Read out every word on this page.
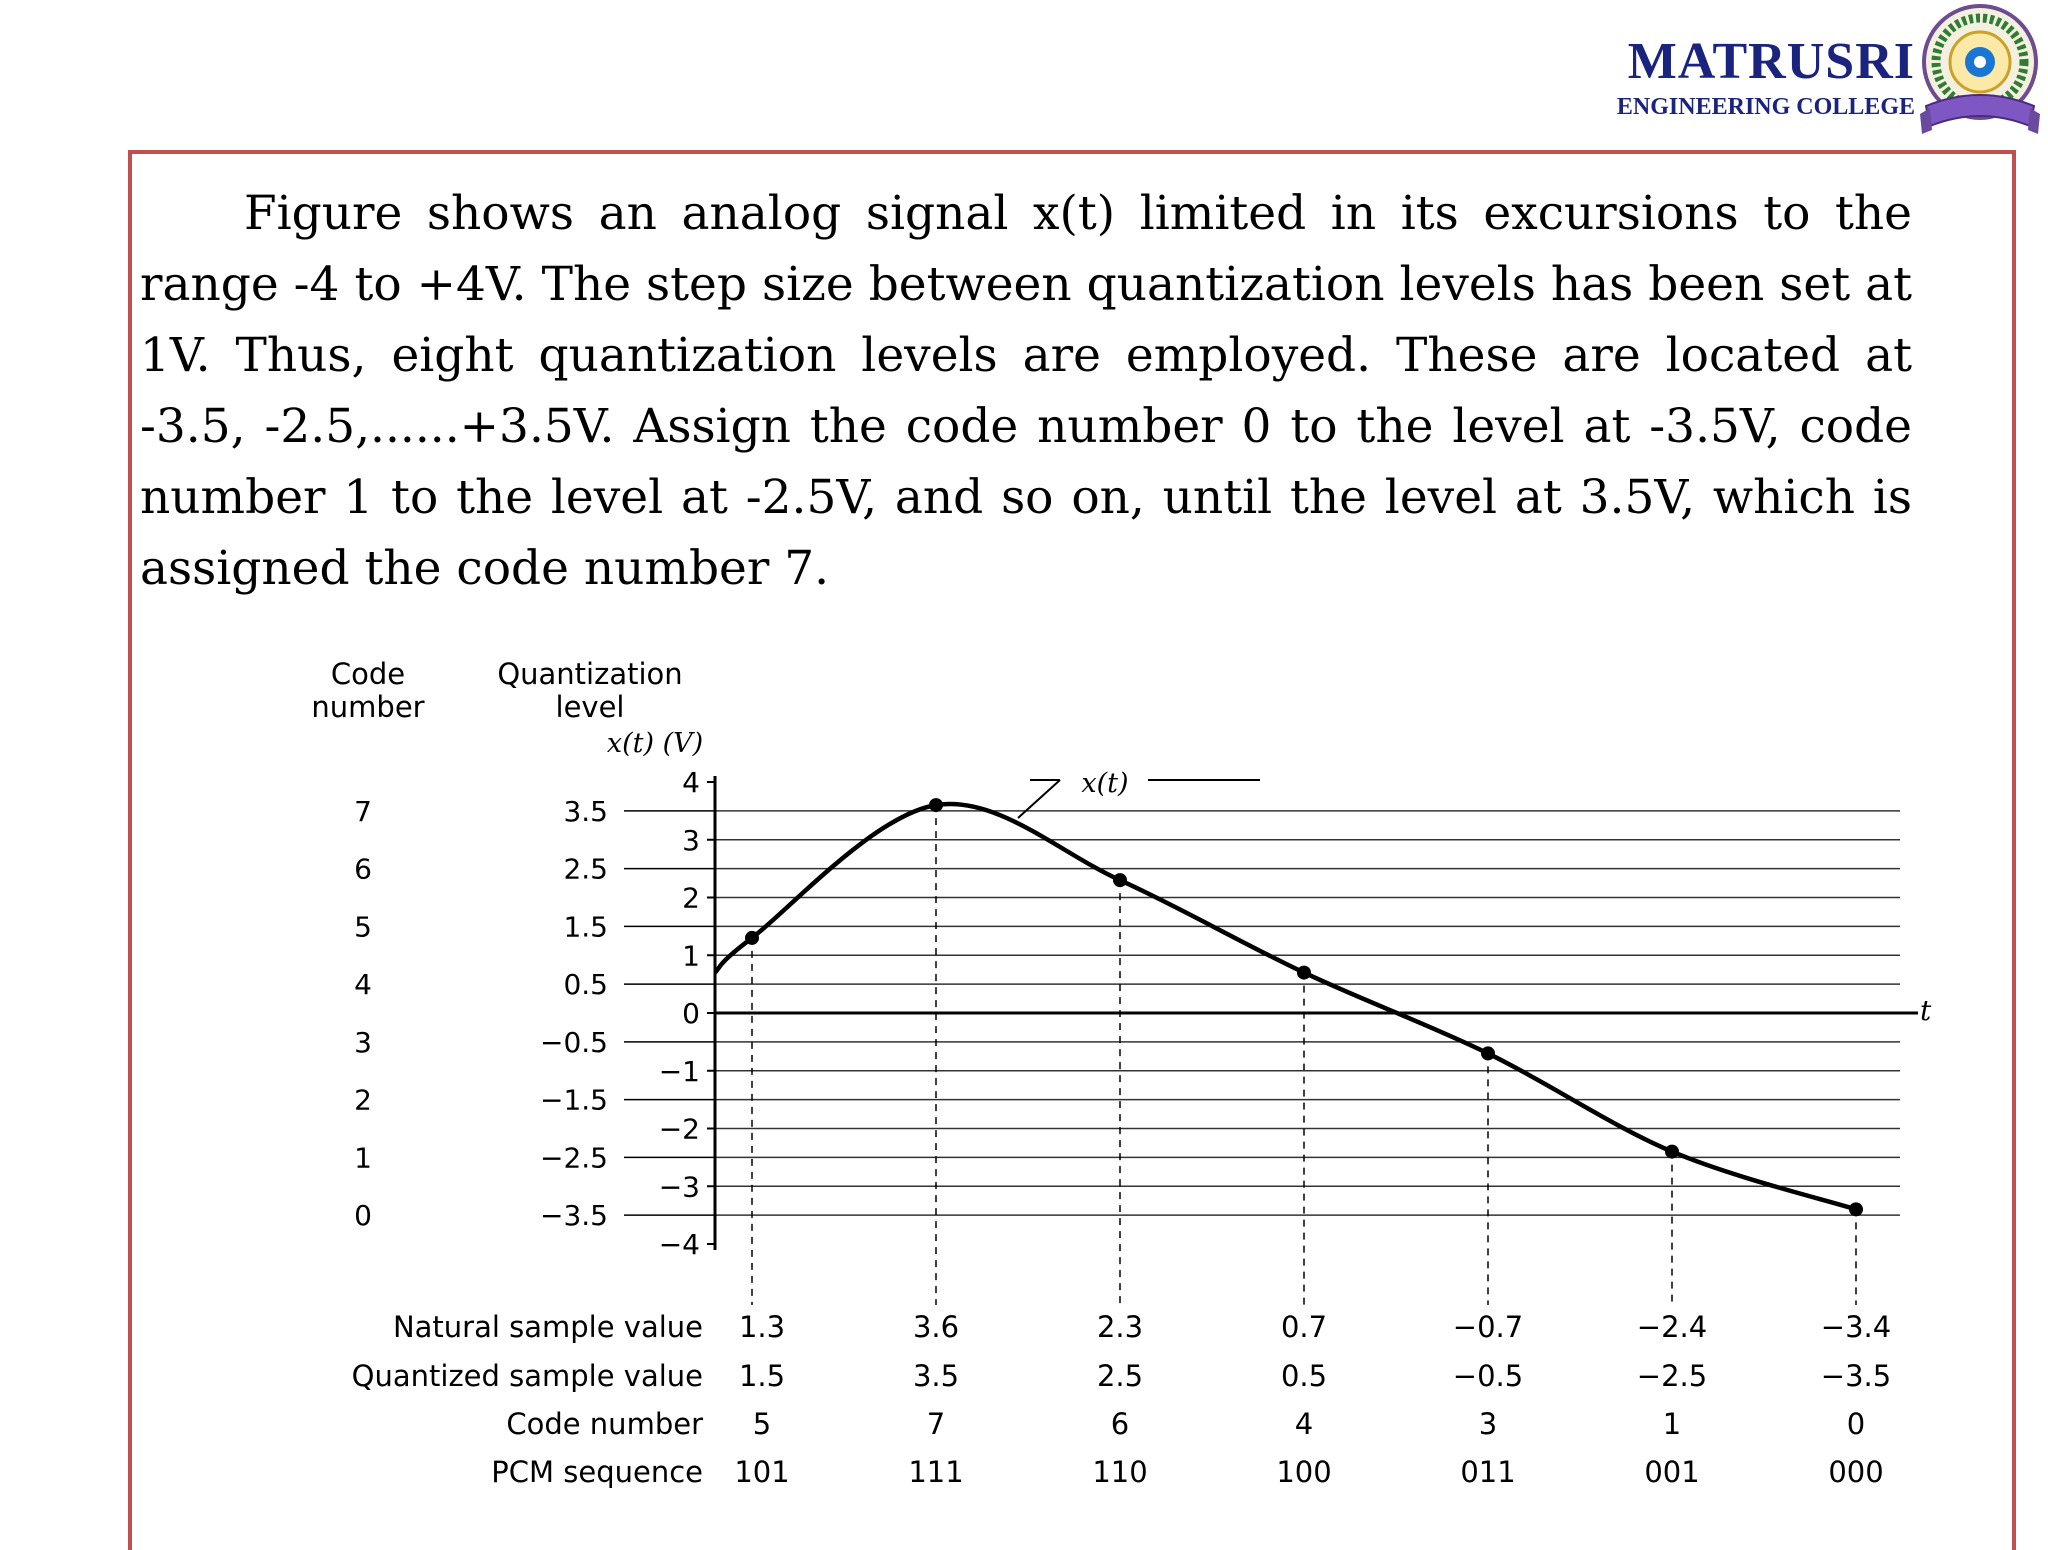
MATRUSRI
ENGINEERING COLLEGE

Figure shows an analog signal x(t) limited in its excursions to the range -4 to +4V. The step size between quantization levels has been set at 1V. Thus, eight quantization levels are employed. These are located at -3.5, -2.5,......+3.5V. Assign the code number 0 to the level at -3.5V, code number 1 to the level at -2.5V, and so on, until the level at 3.5V, which is assigned the code number 7.

Code
number
Quantization
level
x(t) (V)
t
x(t)
4
3
2
1
0
−1
−2
−3
−4
7	3.5
6	2.5
5	1.5
4	0.5
3	−0.5
2	−1.5
1	−2.5
0	−3.5
Natural sample value 1.3	3.6	2.3	0.7	−0.7	−2.4	−3.4
Quantized sample value 1.5	3.5	2.5	0.5	−0.5	−2.5	−3.5
Code number 5	7	6	4	3	1	0
PCM sequence 101	111	110	100	011	001	000
